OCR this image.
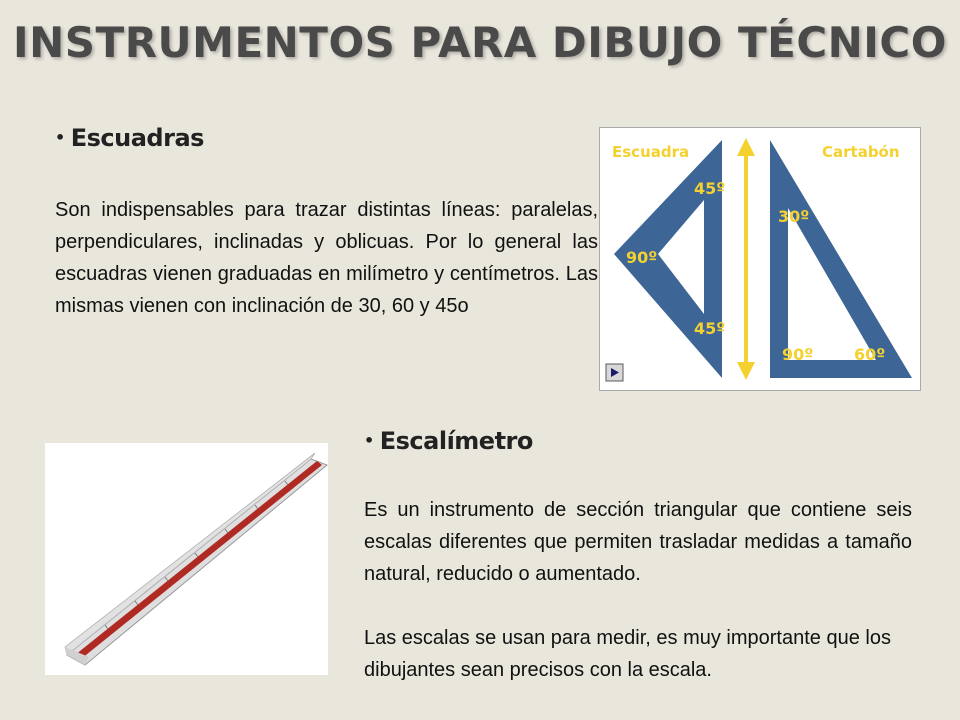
INSTRUMENTOS PARA DIBUJO TÉCNICO
• Escuadras

Son indispensables para trazar distintas líneas: paralelas, perpendiculares, inclinadas y oblicuas. Por lo general las escuadras vienen graduadas en milímetro y centímetros. Las mismas vienen con inclinación de 30, 60 y 45o

Escuadra	Cartabón
45º
90º
45º
30º
90º	60º
• Escalímetro

Es un instrumento de sección triangular que contiene seis escalas diferentes que permiten trasladar medidas a tamaño natural, reducido o aumentado.

Las escalas se usan para medir, es muy importante que los dibujantes sean precisos con la escala.
